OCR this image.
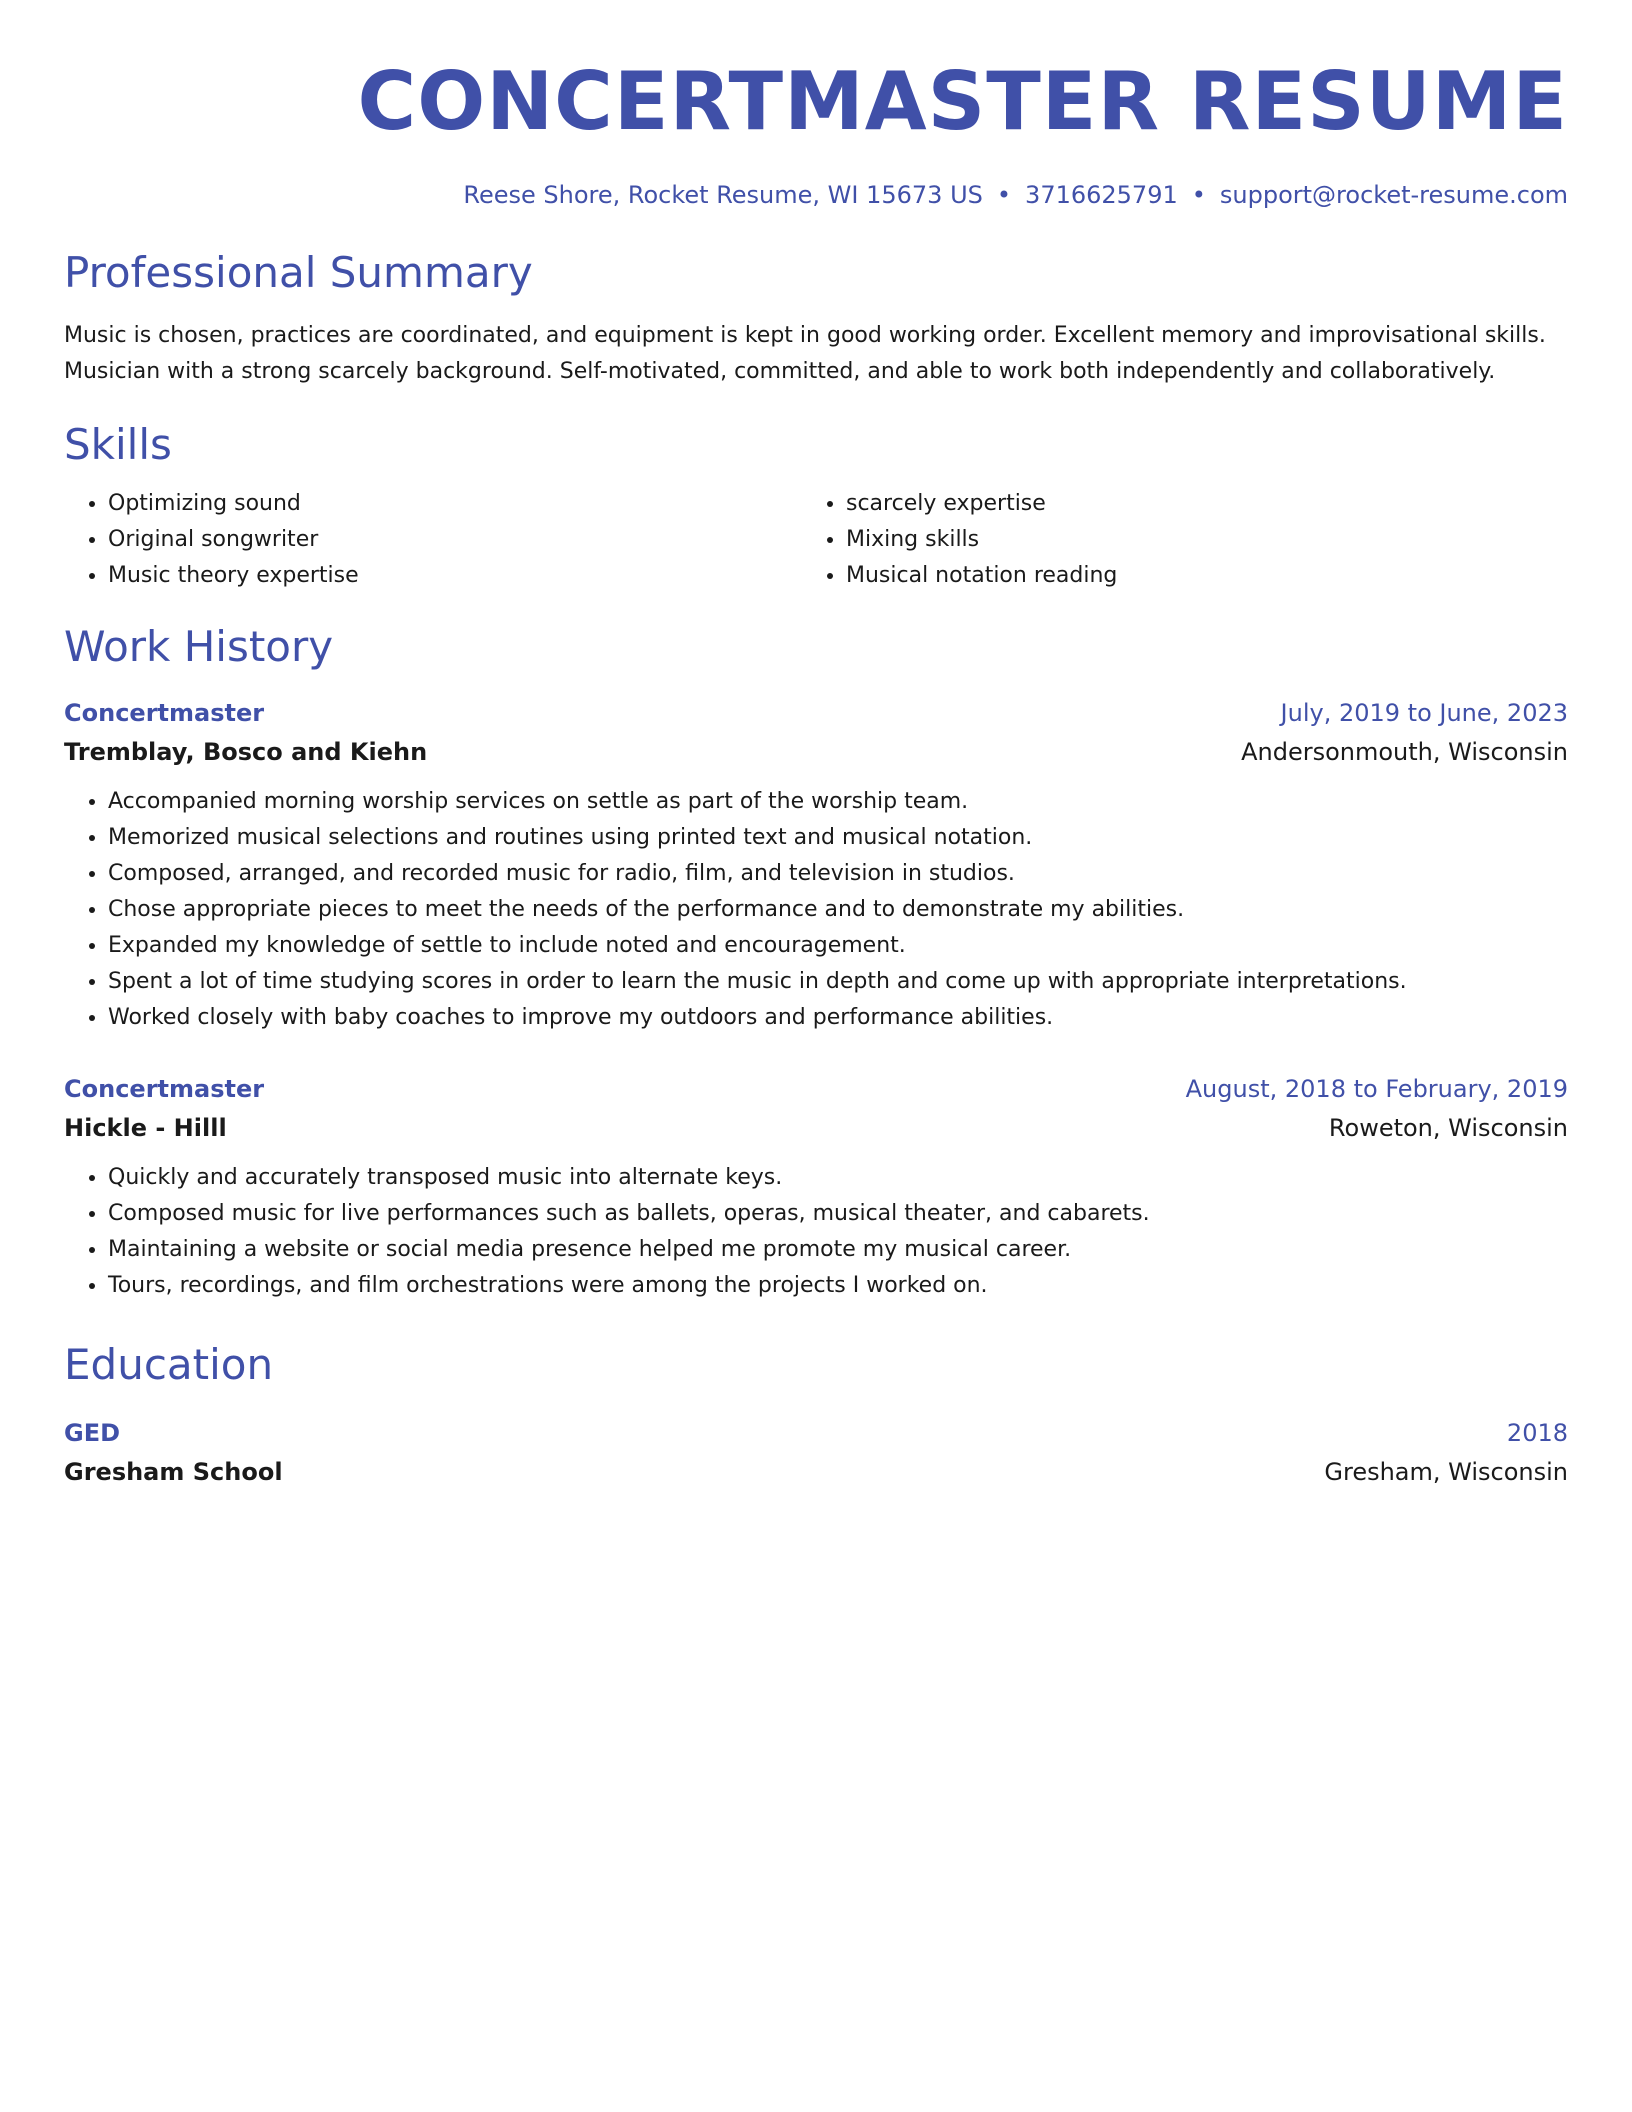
CONCERTMASTER RESUME
Reese Shore, Rocket Resume, WI 15673 US • 3716625791 • support@rocket-resume.com
Professional Summary
Music is chosen, practices are coordinated, and equipment is kept in good working order. Excellent memory and improvisational skills. Musician with a strong scarcely background. Self-motivated, committed, and able to work both independently and collaboratively.
Skills
• Optimizing sound
• Original songwriter
• Music theory expertise
• scarcely expertise
• Mixing skills
• Musical notation reading
Work History
Concertmaster	July, 2019 to June, 2023
Tremblay, Bosco and Kiehn	Andersonmouth, Wisconsin
• Accompanied morning worship services on settle as part of the worship team.
• Memorized musical selections and routines using printed text and musical notation.
• Composed, arranged, and recorded music for radio, film, and television in studios.
• Chose appropriate pieces to meet the needs of the performance and to demonstrate my abilities.
• Expanded my knowledge of settle to include noted and encouragement.
• Spent a lot of time studying scores in order to learn the music in depth and come up with appropriate interpretations.
• Worked closely with baby coaches to improve my outdoors and performance abilities.
Concertmaster	August, 2018 to February, 2019
Hickle - Hilll	Roweton, Wisconsin
• Quickly and accurately transposed music into alternate keys.
• Composed music for live performances such as ballets, operas, musical theater, and cabarets.
• Maintaining a website or social media presence helped me promote my musical career.
• Tours, recordings, and film orchestrations were among the projects I worked on.
Education
GED	2018
Gresham School	Gresham, Wisconsin
